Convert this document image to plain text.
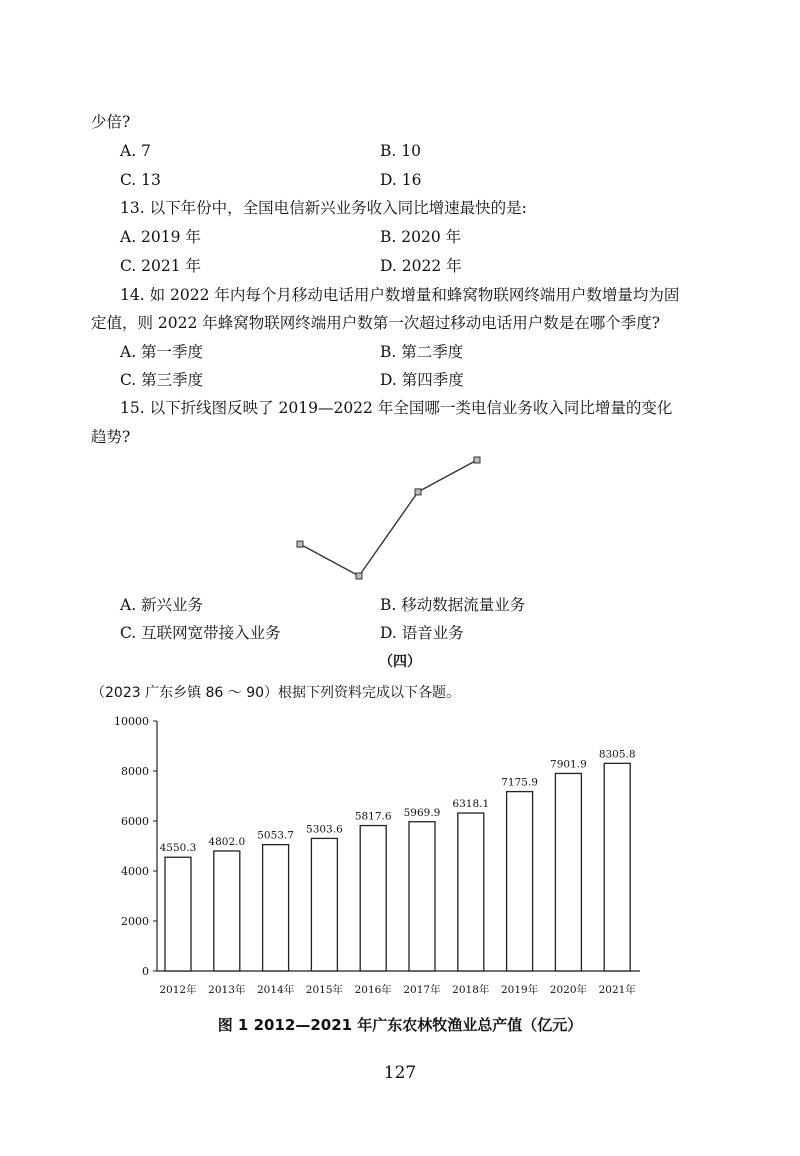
少倍?
A. 7	B. 10
C. 13	D. 16
13. 以下年份中，全国电信新兴业务收入同比增速最快的是:
A. 2019 年	B. 2020 年
C. 2021 年	D. 2022 年
14. 如 2022 年内每个月移动电话用户数增量和蜂窝物联网终端用户数增量均为固
定值，则 2022 年蜂窝物联网终端用户数第一次超过移动电话用户数是在哪个季度?
A. 第一季度	B. 第二季度
C. 第三季度	D. 第四季度
15. 以下折线图反映了 2019—2022 年全国哪一类电信业务收入同比增量的变化
趋势?
A. 新兴业务	B. 移动数据流量业务
C. 互联网宽带接入业务	D. 语音业务
（四）
（2023 广东乡镇 86 ～ 90）根据下列资料完成以下各题。
0
2000
4000
6000
8000
10000
4550.3
2012年
4802.0
2013年
5053.7
2014年
5303.6
2015年
5817.6
2016年
5969.9
2017年
6318.1
2018年
7175.9
2019年
7901.9
2020年
8305.8
2021年
图 1 2012—2021 年广东农林牧渔业总产值（亿元）
127
